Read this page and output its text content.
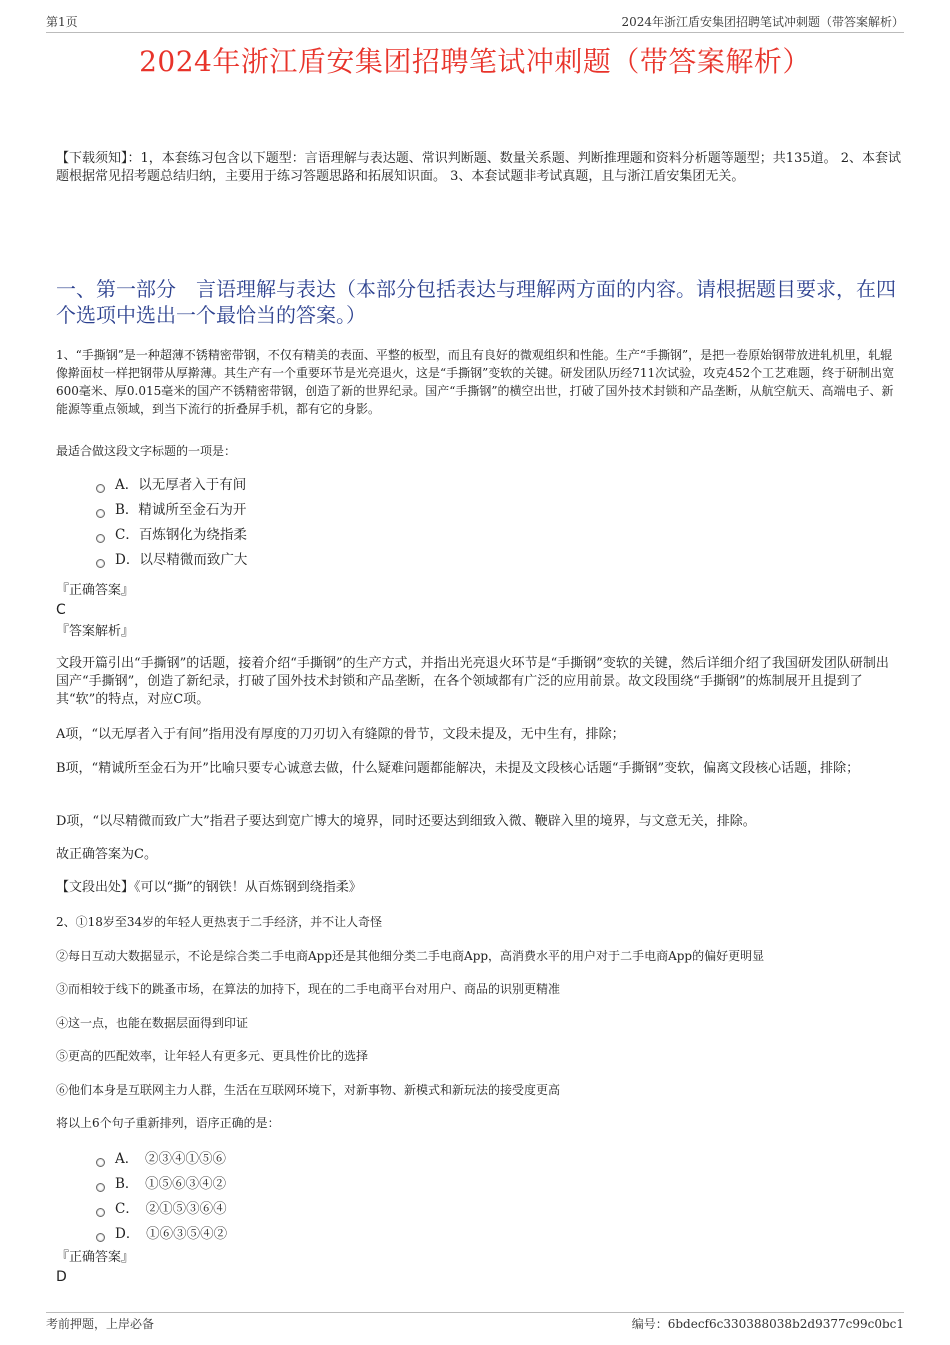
第1页	2024年浙江盾安集团招聘笔试冲刺题（带答案解析）
2024年浙江盾安集团招聘笔试冲刺题（带答案解析）
【下载须知】：1，本套练习包含以下题型：言语理解与表达题、常识判断题、数量关系题、判断推理题和资料分析题等题型；共135道。 2、本套试题根据常见招考题总结归纳，主要用于练习答题思路和拓展知识面。 3、本套试题非考试真题，且与浙江盾安集团无关。
一、第一部分　言语理解与表达（本部分包括表达与理解两方面的内容。请根据题目要求，在四个选项中选出一个最恰当的答案。）
1、“手撕钢”是一种超薄不锈精密带钢，不仅有精美的表面、平整的板型，而且有良好的微观组织和性能。生产“手撕钢”，是把一卷原始钢带放进轧机里，轧辊像擀面杖一样把钢带从厚擀薄。其生产有一个重要环节是光亮退火，这是“手撕钢”变软的关键。研发团队历经711次试验，攻克452个工艺难题，终于研制出宽600毫米、厚0.015毫米的国产不锈精密带钢，创造了新的世界纪录。国产“手撕钢”的横空出世，打破了国外技术封锁和产品垄断，从航空航天、高端电子、新能源等重点领域，到当下流行的折叠屏手机，都有它的身影。
最适合做这段文字标题的一项是：
A．以无厚者入于有间
B．精诚所至金石为开
C．百炼钢化为绕指柔
D．以尽精微而致广大
『正确答案』
C
『答案解析』
文段开篇引出“手撕钢”的话题，接着介绍“手撕钢”的生产方式，并指出光亮退火环节是“手撕钢”变软的关键，然后详细介绍了我国研发团队研制出国产“手撕钢”，创造了新纪录，打破了国外技术封锁和产品垄断，在各个领域都有广泛的应用前景。故文段围绕“手撕钢”的炼制展开且提到了其“软”的特点，对应C项。
A项，“以无厚者入于有间”指用没有厚度的刀刃切入有缝隙的骨节，文段未提及，无中生有，排除；
B项，“精诚所至金石为开”比喻只要专心诚意去做，什么疑难问题都能解决，未提及文段核心话题“手撕钢”变软，偏离文段核心话题，排除；
D项，“以尽精微而致广大”指君子要达到宽广博大的境界，同时还要达到细致入微、鞭辟入里的境界，与文意无关，排除。
故正确答案为C。
【文段出处】《可以“撕”的钢铁！从百炼钢到绕指柔》
2、①18岁至34岁的年轻人更热衷于二手经济，并不让人奇怪
②每日互动大数据显示，不论是综合类二手电商App还是其他细分类二手电商App，高消费水平的用户对于二手电商App的偏好更明显
③而相较于线下的跳蚤市场，在算法的加持下，现在的二手电商平台对用户、商品的识别更精准
④这一点，也能在数据层面得到印证
⑤更高的匹配效率，让年轻人有更多元、更具性价比的选择
⑥他们本身是互联网主力人群，生活在互联网环境下，对新事物、新模式和新玩法的接受度更高
将以上6个句子重新排列，语序正确的是：
A．　②③④①⑤⑥
B．　①⑤⑥③④②
C．　②①⑤③⑥④
D．　①⑥③⑤④②
『正确答案』
D
考前押题，上岸必备	编号：6bdecf6c330388038b2d9377c99c0bc1
